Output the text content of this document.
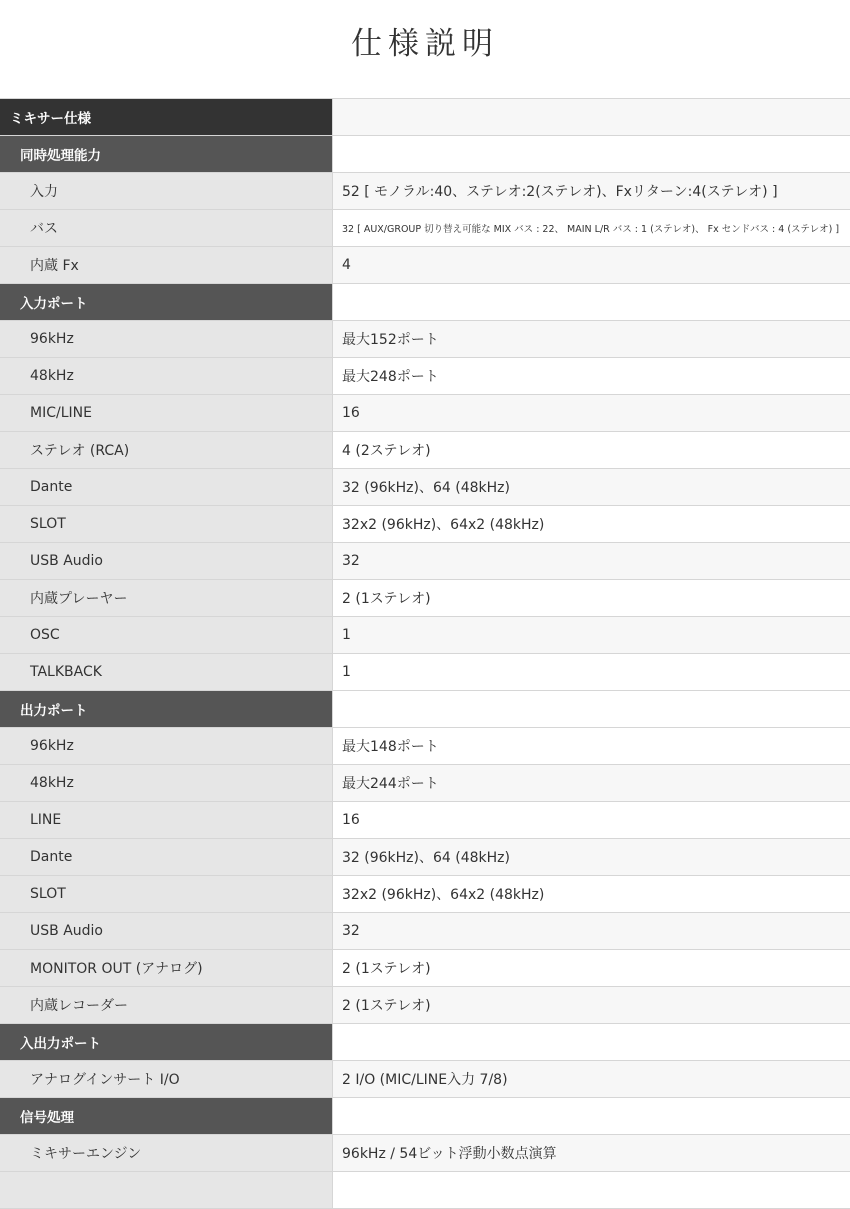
仕様説明
ミキサー仕様
同時処理能力
入力	52 [ モノラル:40、ステレオ:2(ステレオ)、Fxリターン:4(ステレオ) ]
バス	32 [ AUX/GROUP 切り替え可能な MIX バス : 22、 MAIN L/R バス : 1 (ステレオ)、 Fx センドバス : 4 (ステレオ) ]
内蔵 Fx	4
入力ポート
96kHz	最大152ポート
48kHz	最大248ポート
MIC/LINE	16
ステレオ (RCA)	4 (2ステレオ)
Dante	32 (96kHz)、64 (48kHz)
SLOT	32x2 (96kHz)、64x2 (48kHz)
USB Audio	32
内蔵プレーヤー	2 (1ステレオ)
OSC	1
TALKBACK	1
出力ポート
96kHz	最大148ポート
48kHz	最大244ポート
LINE	16
Dante	32 (96kHz)、64 (48kHz)
SLOT	32x2 (96kHz)、64x2 (48kHz)
USB Audio	32
MONITOR OUT (アナログ)	2 (1ステレオ)
内蔵レコーダー	2 (1ステレオ)
入出力ポート
アナログインサート I/O	2 I/O (MIC/LINE入力 7/8)
信号処理
ミキサーエンジン	96kHz / 54ビット浮動小数点演算
